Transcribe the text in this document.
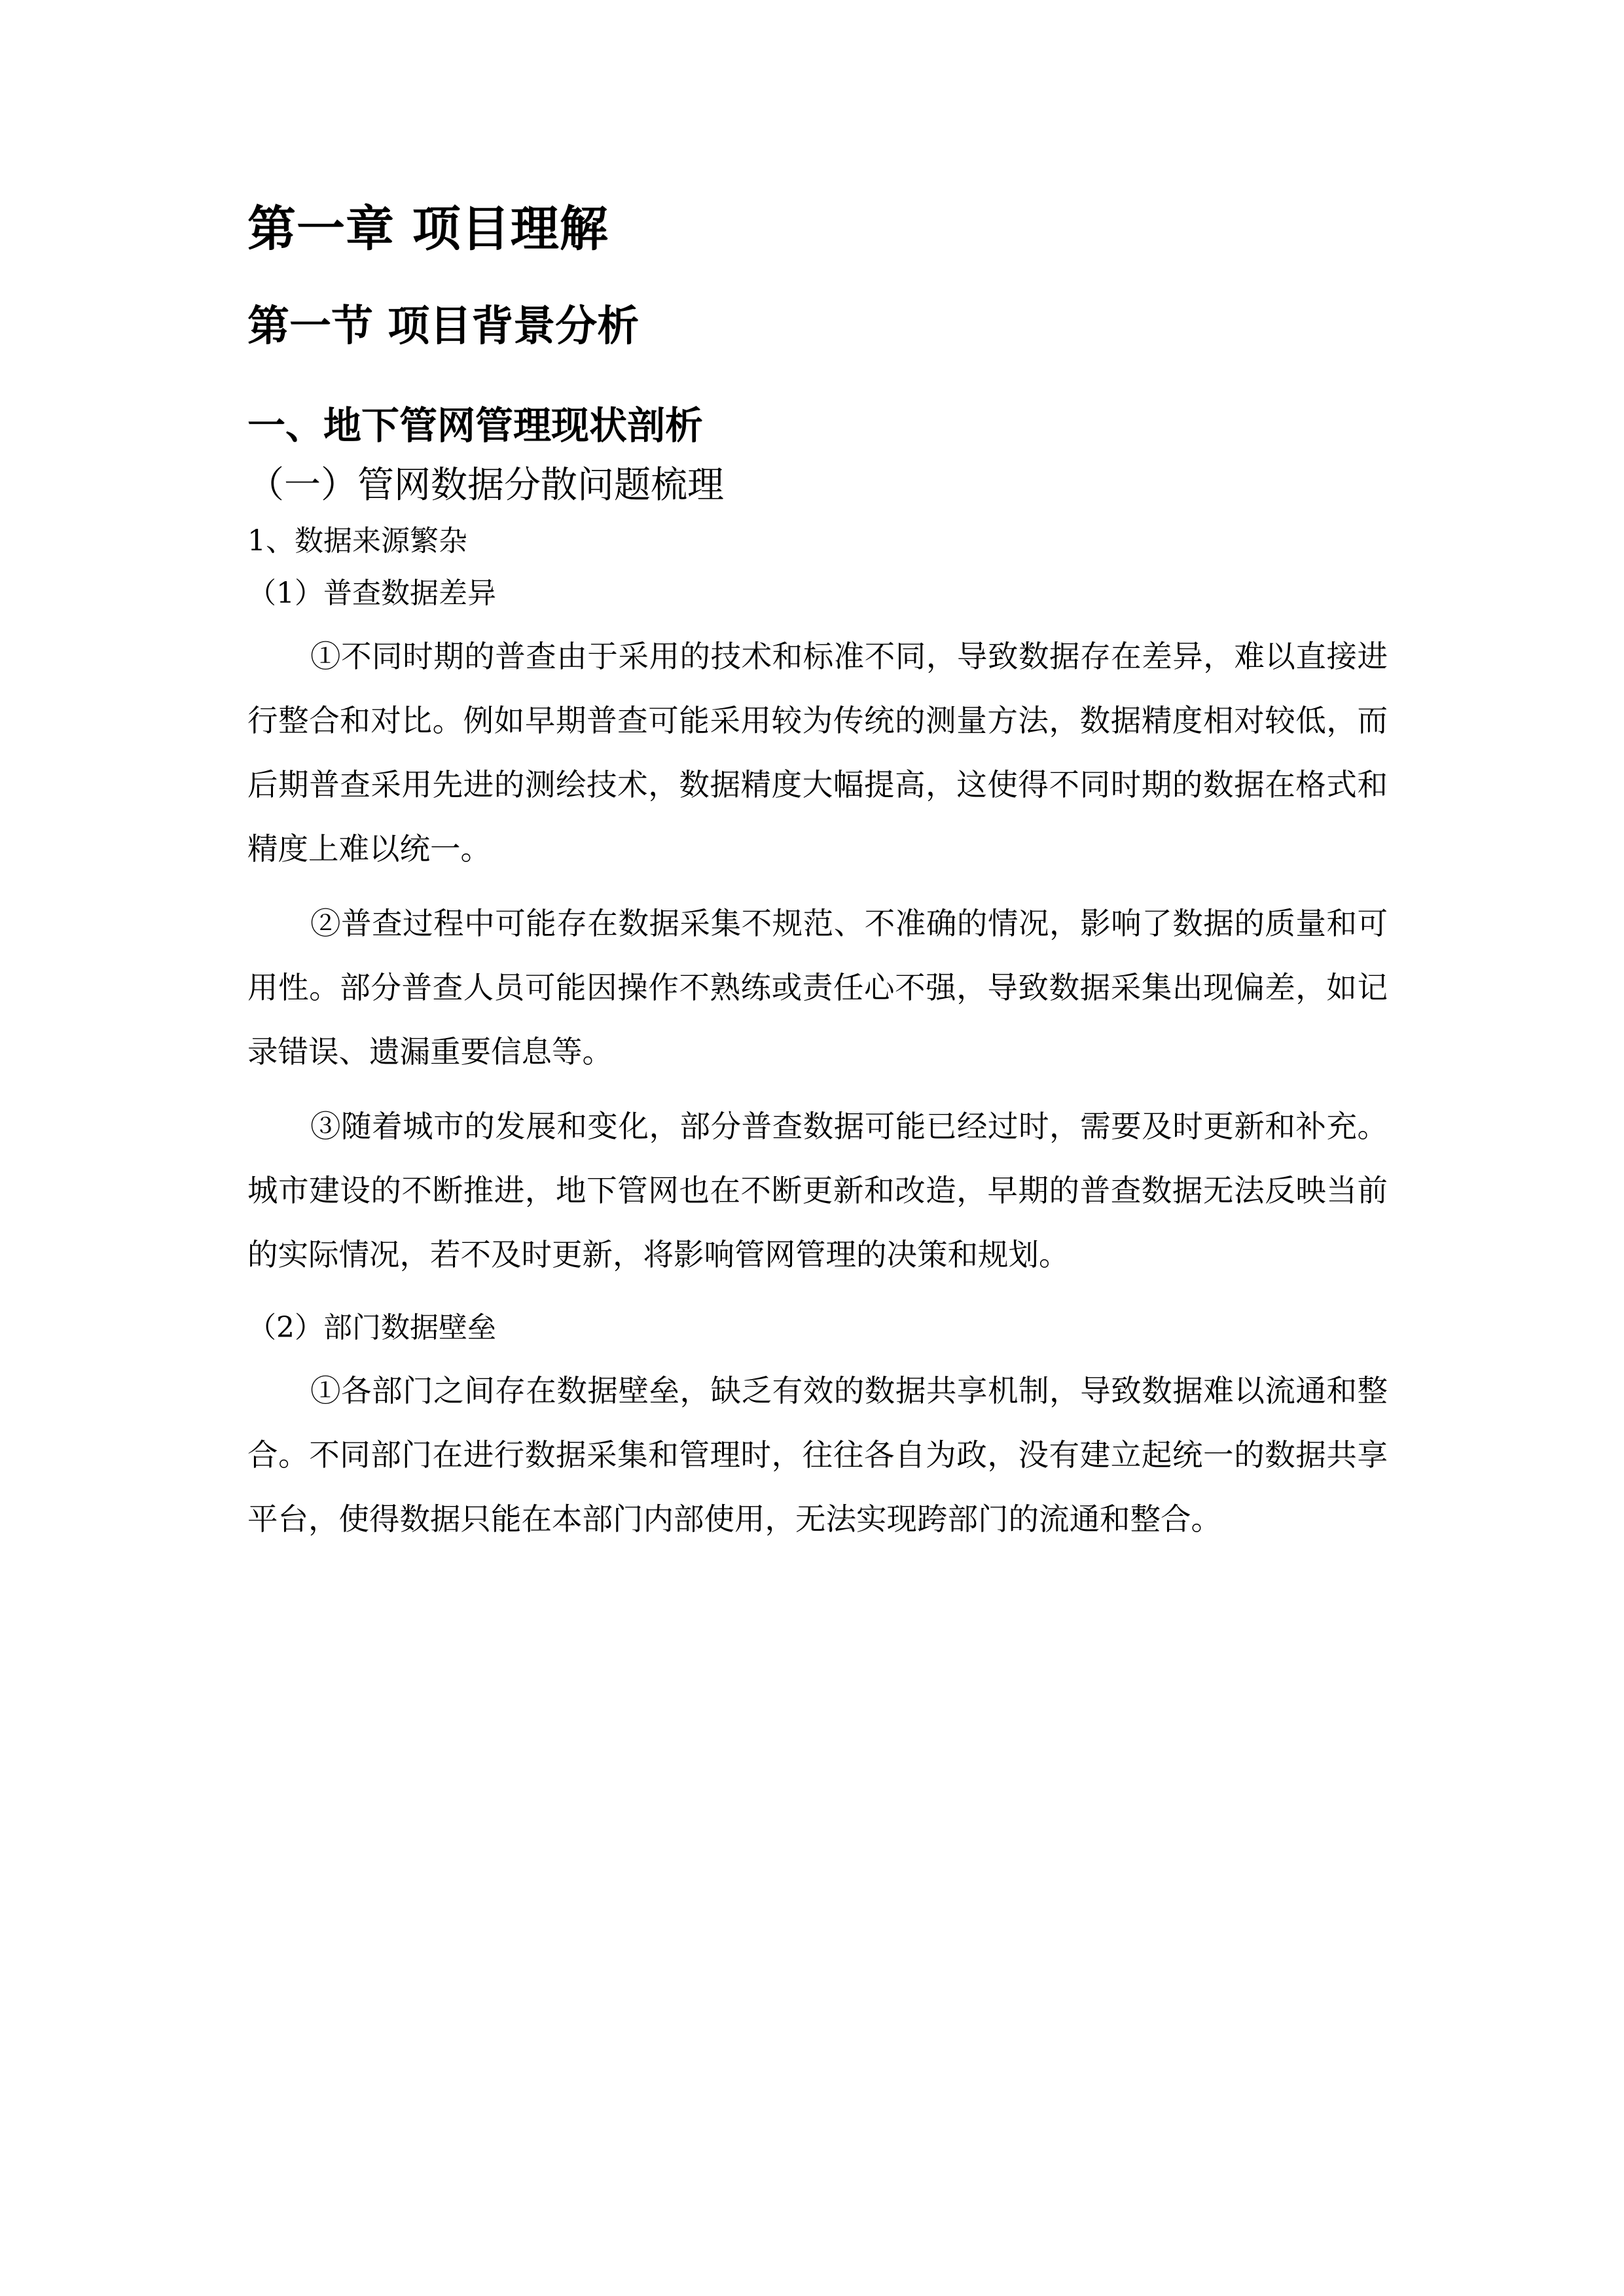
第一章 项目理解
第一节 项目背景分析
一、地下管网管理现状剖析
（一）管网数据分散问题梳理
1、数据来源繁杂
（1）普查数据差异

①不同时期的普查由于采用的技术和标准不同，导致数据存在差异，难以直接进行整合和对比。例如早期普查可能采用较为传统的测量方法，数据精度相对较低，而后期普查采用先进的测绘技术，数据精度大幅提高，这使得不同时期的数据在格式和精度上难以统一。

②普查过程中可能存在数据采集不规范、不准确的情况，影响了数据的质量和可用性。部分普查人员可能因操作不熟练或责任心不强，导致数据采集出现偏差，如记录错误、遗漏重要信息等。

③随着城市的发展和变化，部分普查数据可能已经过时，需要及时更新和补充。城市建设的不断推进，地下管网也在不断更新和改造，早期的普查数据无法反映当前的实际情况，若不及时更新，将影响管网管理的决策和规划。

（2）部门数据壁垒

①各部门之间存在数据壁垒，缺乏有效的数据共享机制，导致数据难以流通和整合。不同部门在进行数据采集和管理时，往往各自为政，没有建立起统一的数据共享平台，使得数据只能在本部门内部使用，无法实现跨部门的流通和整合。
